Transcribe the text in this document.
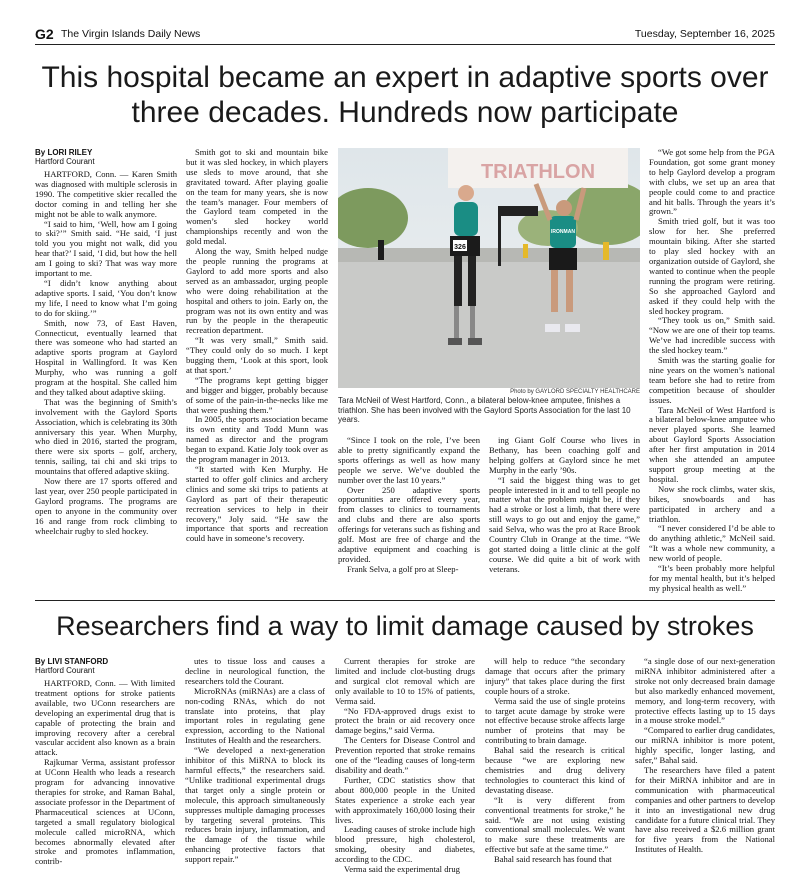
G2 The Virgin Islands Daily News	Tuesday, September 16, 2025
This hospital became an expert in adaptive sports over three decades. Hundreds now participate

By LORI RILEY

Hartford Courant

HARTFORD, Conn. — Karen Smith was diagnosed with multiple sclerosis in 1990. The competitive skier recalled the doctor coming in and telling her she might not be able to walk anymore.

“I said to him, ‘Well, how am I going to ski?’” Smith said. “He said, ‘I just told you you might not walk, did you hear that?’ I said, ‘I did, but how the hell am I going to ski? That was way more important to me.

“I didn’t know anything about adaptive sports. I said, ‘You don’t know my life, I need to know what I’m going to do for skiing.’”

Smith, now 73, of East Haven, Connecticut, eventually learned that there was someone who had started an adaptive sports program at Gaylord Hospital in Wallingford. It was Ken Murphy, who was running a golf program at the hospital. She called him and they talked about adaptive skiing.

That was the beginning of Smith’s involvement with the Gaylord Sports Association, which is celebrating its 30th anniversary this year. When Murphy, who died in 2016, started the program, there were six sports – golf, archery, tennis, sailing, tai chi and ski trips to mountains that offered adaptive skiing.

Now there are 17 sports offered and last year, over 250 people participated in Gaylord programs. The programs are open to anyone in the community over 16 and range from rock climbing to wheelchair rugby to sled hockey.

Smith got to ski and mountain bike but it was sled hockey, in which players use sleds to move around, that she gravitated toward. After playing goalie on the team for many years, she is now the team’s manager. Four members of the Gaylord team competed in the women’s sled hockey world championships recently and won the gold medal.

Along the way, Smith helped nudge the people running the programs at Gaylord to add more sports and also served as an ambassador, urging people who were doing rehabilitation at the hospital and others to join. Early on, the program was not its own entity and was run by the people in the therapeutic recreation department.

“It was very small,” Smith said. “They could only do so much. I kept bugging them, ‘Look at this sport, look at that sport.’

“The programs kept getting bigger and bigger and bigger, probably because of some of the pain-in-the-necks like me that were pushing them.”

In 2005, the sports association became its own entity and Todd Munn was named as director and the program began to expand. Katie Joly took over as the program manager in 2013.

“It started with Ken Murphy. He started to offer golf clinics and archery clinics and some ski trips to patients at Gaylord as part of their therapeutic recreation services to help in their recovery,” Joly said. “He saw the importance that sports and recreation could have in someone’s recovery.

TRIATHLON
326
IRONMAN
Photo by GAYLORD SPECIALTY HEALTHCARE
Tara McNeil of West Hartford, Conn., a bilateral below-knee amputee, finishes a triathlon. She has been involved with the Gaylord Sports Association for the last 10 years.

“Since I took on the role, I’ve been able to pretty significantly expand the sports offerings as well as how many people we serve. We’ve doubled the number over the last 10 years.”

Over 250 adaptive sports opportunities are offered every year, from classes to clinics to tournaments and clubs and there are also sports offerings for veterans such as fishing and golf. Most are free of charge and the adaptive equipment and coaching is provided.

Frank Selva, a golf pro at Sleep-

ing Giant Golf Course who lives in Bethany, has been coaching golf and helping golfers at Gaylord since he met Murphy in the early ’90s.

“I said the biggest thing was to get people interested in it and to tell people no matter what the problem might be, if they had a stroke or lost a limb, that there were still ways to go out and enjoy the game,” said Selva, who was the pro at Race Brook Country Club in Orange at the time. “We got started doing a little clinic at the golf course. We did quite a bit of work with veterans.

“We got some help from the PGA Foundation, got some grant money to help Gaylord develop a program with clubs, we set up an area that people could come to and practice and hit balls. Through the years it’s grown.”

Smith tried golf, but it was too slow for her. She preferred mountain biking. After she started to play sled hockey with an organization outside of Gaylord, she wanted to continue when the people running the program were retiring. So she approached Gaylord and asked if they could help with the sled hockey program.

“They took us on,” Smith said. “Now we are one of their top teams. We’ve had incredible success with the sled hockey team.”

Smith was the starting goalie for nine years on the women’s national team before she had to retire from competition because of shoulder issues.

Tara McNeil of West Hartford is a bilateral below-knee amputee who never played sports. She learned about Gaylord Sports Association after her first amputation in 2014 when she attended an amputee support group meeting at the hospital.

Now she rock climbs, water skis, bikes, snowboards and has participated in archery and a triathlon.

“I never considered I’d be able to do anything athletic,” McNeil said. “It was a whole new community, a new world of people.

“It’s been probably more helpful for my mental health, but it’s helped my physical health as well.”

Researchers find a way to limit damage caused by strokes

By LIVI STANFORD

Hartford Courant

HARTFORD, Conn. — With limited treatment options for stroke patients available, two UConn researchers are developing an experimental drug that is capable of protecting the brain and improving recovery after a cerebral vascular accident also known as a brain attack.

Rajkumar Verma, assistant professor at UConn Health who leads a research program for advancing innovative therapies for stroke, and Raman Bahal, associate professor in the Department of Pharmaceutical sciences at UConn, targeted a small regulatory biological molecule called microRNA, which becomes abnormally elevated after stroke and promotes inflammation, contrib-

utes to tissue loss and causes a decline in neurological function, the researchers told the Courant.

MicroRNAs (miRNAs) are a class of non-coding RNAs, which do not translate into proteins, that play important roles in regulating gene expression, according to the National Institutes of Health and the researchers.

“We developed a next-generation inhibitor of this MiRNA to block its harmful effects,” the researchers said. “Unlike traditional experimental drugs that target only a single protein or molecule, this approach simultaneously suppresses multiple damaging processes by targeting several proteins. This reduces brain injury, inflammation, and the damage of the tissue while enhancing protective factors that support repair.”

Current therapies for stroke are limited and include clot-busting drugs and surgical clot removal which are only available to 10 to 15% of patients, Verma said.

“No FDA-approved drugs exist to protect the brain or aid recovery once damage begins,” said Verma.

The Centers for Disease Control and Prevention reported that stroke remains one of the “leading causes of long-term disability and death.”

Further, CDC statistics show that about 800,000 people in the United States experience a stroke each year with approximately 160,000 losing their lives.

Leading causes of stroke include high blood pressure, high cholesterol, smoking, obesity and diabetes, according to the CDC.

Verma said the experimental drug

will help to reduce “the secondary damage that occurs after the primary injury” that takes place during the first couple hours of a stroke.

Verma said the use of single proteins to target acute damage by stroke were not effective because stroke affects large number of proteins that may be contributing to brain damage.

Bahal said the research is critical because “we are exploring new chemistries and drug delivery technologies to counteract this kind of devastating disease.

“It is very different from conventional treatments for stroke,” he said. “We are not using existing conventional small molecules. We want to make sure these treatments are effective but safe at the same time.”

Bahal said research has found that

“a single dose of our next-generation miRNA inhibitor administered after a stroke not only decreased brain damage but also markedly enhanced movement, memory, and long-term recovery, with protective effects lasting up to 15 days in a mouse stroke model.”

“Compared to earlier drug candidates, our miRNA inhibitor is more potent, highly specific, longer lasting, and safer,” Bahal said.

The researchers have filed a patent for their MiRNA inhibitor and are in communication with pharmaceutical companies and other partners to develop it into an investigational new drug candidate for a future clinical trial. They have also received a $2.6 million grant for five years from the National Institutes of Health.
